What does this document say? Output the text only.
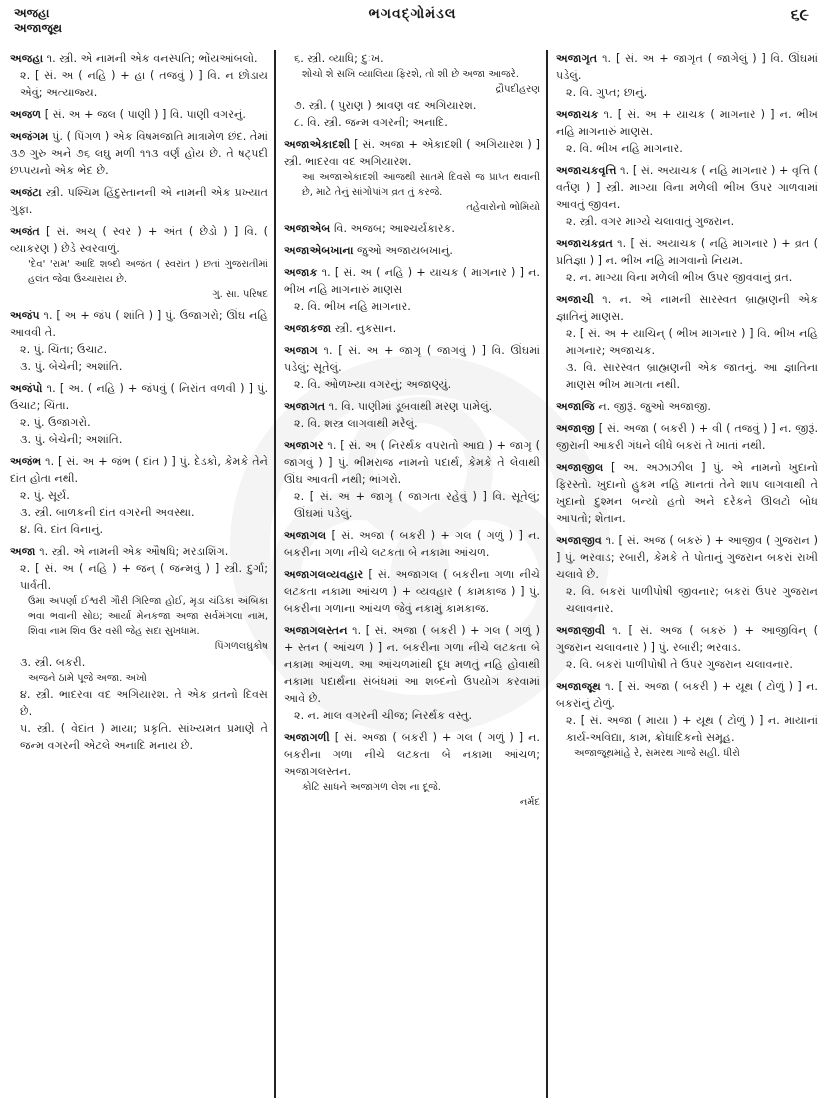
અજહા
અજાજૂથ
ભગવદ્ગોમંડલ	૬૯
અજહા ૧. સ્ત્રી. એ નામની એક વનસ્પતિ; ભોંયઆંબલો.
૨. [ સં. અ ( નહિ ) + હા ( તજવું ) ] વિ. ન છોડાય એવું; અત્યાજ્ય.
અજળ [ સં. અ + જલ ( પાણી ) ] વિ. પાણી વગરનું.
અજંગમ પું. ( પિંગળ ) એક વિષમજાતિ માત્રામેળ છંદ. તેમાં ૩૭ ગુરુ અને ૭૬ લઘુ મળી ૧૧૩ વર્ણ હોય છે. તે ષટ્પદી છપ્પયનો એક ભેદ છે.
અજંટા સ્ત્રી. પશ્ચિમ હિંદુસ્તાનની એ નામની એક પ્રખ્યાત ગુફા.
અજંત [ સં. અચ્ ( સ્વર ) + અંત ( છેડો ) ] વિ. ( વ્યાકરણ ) છેડે સ્વરવાળું.
'દેવ' 'રામ' આદિ શબ્દો અજંત ( સ્વરાંત ) છતાં ગુજરાતીમાં હલંત જેવા ઉચ્ચારાય છે.
ગુ. સા. પરિષદ
અજંપ ૧. [ અ + જંપ ( શાંતિ ) ] પું. ઉજાગરો; ઊંઘ નહિ આવવી તે.
૨. પું. ચિંતા; ઉચાટ.
૩. પું. બેચેની; અશાંતિ.
અજંપો ૧. [ અ. ( નહિ ) + જંપવું ( નિરાંત વળવી ) ] પું. ઉચાટ; ચિંતા.
૨. પું. ઉજાગરો.
૩. પું. બેચેની; અશાંતિ.
અજંભ ૧. [ સં. અ + જંભ ( દાંત ) ] પું. દેડકો, કેમકે તેને દાંત હોતા નથી.
૨. પું. સૂર્ય.
૩. સ્ત્રી. બાળકની દાંત વગરની અવસ્થા.
૪. વિ. દાંત વિનાનું.
અજા ૧. સ્ત્રી. એ નામની એક ઔષધિ; મરડાશિંગ.
૨. [ સં. અ ( નહિ ) + જન્ ( જન્મવું ) ] સ્ત્રી. દુર્ગા; પાર્વતી.
ઉમા અપર્ણા ઈશ્વરી ગૌરી ગિરિજા હોઈ, મૃડા ચંડિકા અંબિકા ભવા ભવાની સોઇ; આર્યા મેનકજા અજા સર્વમંગલા નામ, શિવા નામ શિવ ઉર વસી જેહ સદા સુખધામ.
પિંગળલઘુકોષ
૩. સ્ત્રી. બકરી.
અજને ઠામે પૂજે અજા. અખો
૪. સ્ત્રી. ભાદરવા વદ અગિયારશ. તે એક વ્રતનો દિવસ છે.
૫. સ્ત્રી. ( વેદાંત ) માયા; પ્રકૃતિ. સાંખ્યમત પ્રમાણે તે જન્મ વગરની એટલે અનાદિ મનાય છે.
૬. સ્ત્રી. વ્યાધિ; દુઃખ.
શોચો શે સખિ વ્યાલિયા ફિરશે, તો શી છે અજા આજરે.
દ્રૌપદીહરણ
૭. સ્ત્રી. ( પુરાણ ) શ્રાવણ વદ અગિયારશ.
૮. વિ. સ્ત્રી. જન્મ વગરની; અનાદિ.
અજાએકાદશી [ સં. અજા + એકાદશી ( અગિયારશ ) ] સ્ત્રી. ભાદરવા વદ અગિયારશ.
આ અજાએકાદશી આજથી સાતમે દિવસે જ પ્રાપ્ત થવાની છે, માટે તેનું સાંગોપાંગ વ્રત તું કરજે.
તહેવારોનો ભોમિયો
અજાએબ વિ. અજબ; આશ્ચર્યકારક.
અજાએબખાના જુઓ અજાયબખાનું.
અજાક ૧. [ સં. અ ( નહિ ) + યાચક ( માગનાર ) ] ન. ભીખ નહિ માગનારું માણસ
૨. વિ. ભીખ નહિ માગનાર.
અજાકજા સ્ત્રી. નુકસાન.
અજાગ ૧. [ સં. અ + જાગૃ ( જાગવું ) ] વિ. ઊંઘમાં પડેલું; સૂતેલું.
૨. વિ. ઓળખ્યા વગરનું; અજાણ્યું.
અજાગત ૧. વિ. પાણીમાં ડૂબવાથી મરણ પામેલું.
૨. વિ. શસ્ત્ર લાગવાથી મરેલું.
અજાગર ૧. [ સં. અ ( નિરર્થક વપરાતો આદ્ય ) + જાગૃ ( જાગવું ) ] પું. ભીમરાજ નામનો પદાર્થ, કેમકે તે લેવાથી ઊંઘ આવતી નથી; ભાંગરો.
૨. [ સં. અ + જાગૃ ( જાગતા રહેવું ) ] વિ. સૂતેલું; ઊંઘમાં પડેલું.
અજાગલ [ સં. અજા ( બકરી ) + ગલ ( ગળું ) ] ન. બકરીના ગળા નીચે લટકતા બે નકામા આંચળ.
અજાગલવ્યવહાર [ સં. અજાગલ ( બકરીના ગળા નીચે લટકતા નકામા આંચળ ) + વ્યવહાર ( કામકાજ ) ] પું. બકરીના ગળાના આંચળ જેવું નકામું કામકાજ.
અજાગલસ્તન ૧. [ સં. અજા ( બકરી ) + ગલ ( ગળું ) + સ્તન ( આંચળ ) ] ન. બકરીના ગળા નીચે લટકતા બે નકામા આંચળ. આ આંચળમાંથી દૂધ મળતું નહિ હોવાથી નકામા પદાર્થના સંબંધમાં આ શબ્દનો ઉપયોગ કરવામાં આવે છે.
૨. ન. માલ વગરની ચીજ; નિરર્થક વસ્તુ.
અજાગળી [ સં. અજા ( બકરી ) + ગલ ( ગળું ) ] ન. બકરીના ગળા નીચે લટકતા બે નકામા આંચળ; અજાગલસ્તન.
કોટિ સાધને અજાગળ લેશ ના દૂજે.
નર્મદ
અજાગૃત ૧. [ સં. અ + જાગૃત ( જાગેલું ) ] વિ. ઊંઘમાં પડેલું.
૨. વિ. ગુપ્ત; છાનું.
અજાચક ૧. [ સં. અ + યાચક ( માગનાર ) ] ન. ભીખ નહિ માગનારું માણસ.
૨. વિ. ભીખ નહિ માગનાર.
અજાચકવૃત્તિ ૧. [ સં. અયાચક ( નહિ માગનાર ) + વૃત્તિ ( વર્તણ ) ] સ્ત્રી. માગ્યા વિના મળેલી ભીખ ઉપર ગાળવામાં આવતું જીવન.
૨. સ્ત્રી. વગર માગ્યે ચલાવાતું ગુજરાન.
અજાચકવ્રત ૧. [ સં. અયાચક ( નહિ માગનાર ) + વ્રત ( પ્રતિજ્ઞા ) ] ન. ભીખ નહિ માગવાનો નિયમ.
૨. ન. માગ્યા વિના મળેલી ભીખ ઉપર જીવવાનું વ્રત.
અજાચી ૧. ન. એ નામની સારસ્વત બ્રાહ્મણની એક જ્ઞાતિનું માણસ.
૨. [ સં. અ + યાચિન્ ( ભીખ માગનાર ) ] વિ. ભીખ નહિ માગનાર; અજાચક.
૩. વિ. સારસ્વત બ્રાહ્મણની એક જાતનું. આ જ્ઞાતિના માણસ ભીખ માગતા નથી.
અજાજિ ન. જીરૂં. જુઓ અજાજી.
અજાજી [ સં. અજા ( બકરી ) + વી ( તજવું ) ] ન. જીરૂં. જીરાની આકરી ગંધને લીધે બકરાં તે ખાતાં નથી.
અજાજીલ [ અ. અઝાઝીલ ] પું. એ નામનો ખુદાનો ફિરસ્તો. ખુદાનો હુકમ નહિ માનતાં તેને શાપ લાગવાથી તે ખુદાનો દુશ્મન બન્યો હતો અને દરેકને ઊલટો બોધ આપતો; શેતાન.
અજાજીવ ૧. [ સં. અજ ( બકરું ) + આજીવ ( ગુજરાન ) ] પું. ભરવાડ; રબારી, કેમકે તે પોતાનું ગુજરાન બકરાં રાખી ચલાવે છે.
૨. વિ. બકરાં પાળીપોષી જીવનાર; બકરાં ઉપર ગુજરાન ચલાવનાર.
અજાજીવી ૧. [ સં. અજ ( બકરું ) + આજીવિન્ ( ગુજરાન ચલાવનાર ) ] પું. રબારી; ભરવાડ.
૨. વિ. બકરાં પાળીપોષી તે ઉપર ગુજરાન ચલાવનાર.
અજાજૂથ ૧. [ સં. અજા ( બકરી ) + યૂથ ( ટોળું ) ] ન. બકરાંનું ટોળું.
૨. [ સં. અજા ( માયા ) + યૂથ ( ટોળું ) ] ન. માયાનાં કાર્ય-અવિદ્યા, કામ, ક્રોધાદિકનો સમૂહ.
અજાજૂથમાંહે રે, સમરથ ગાજે સહી. ધીરો
